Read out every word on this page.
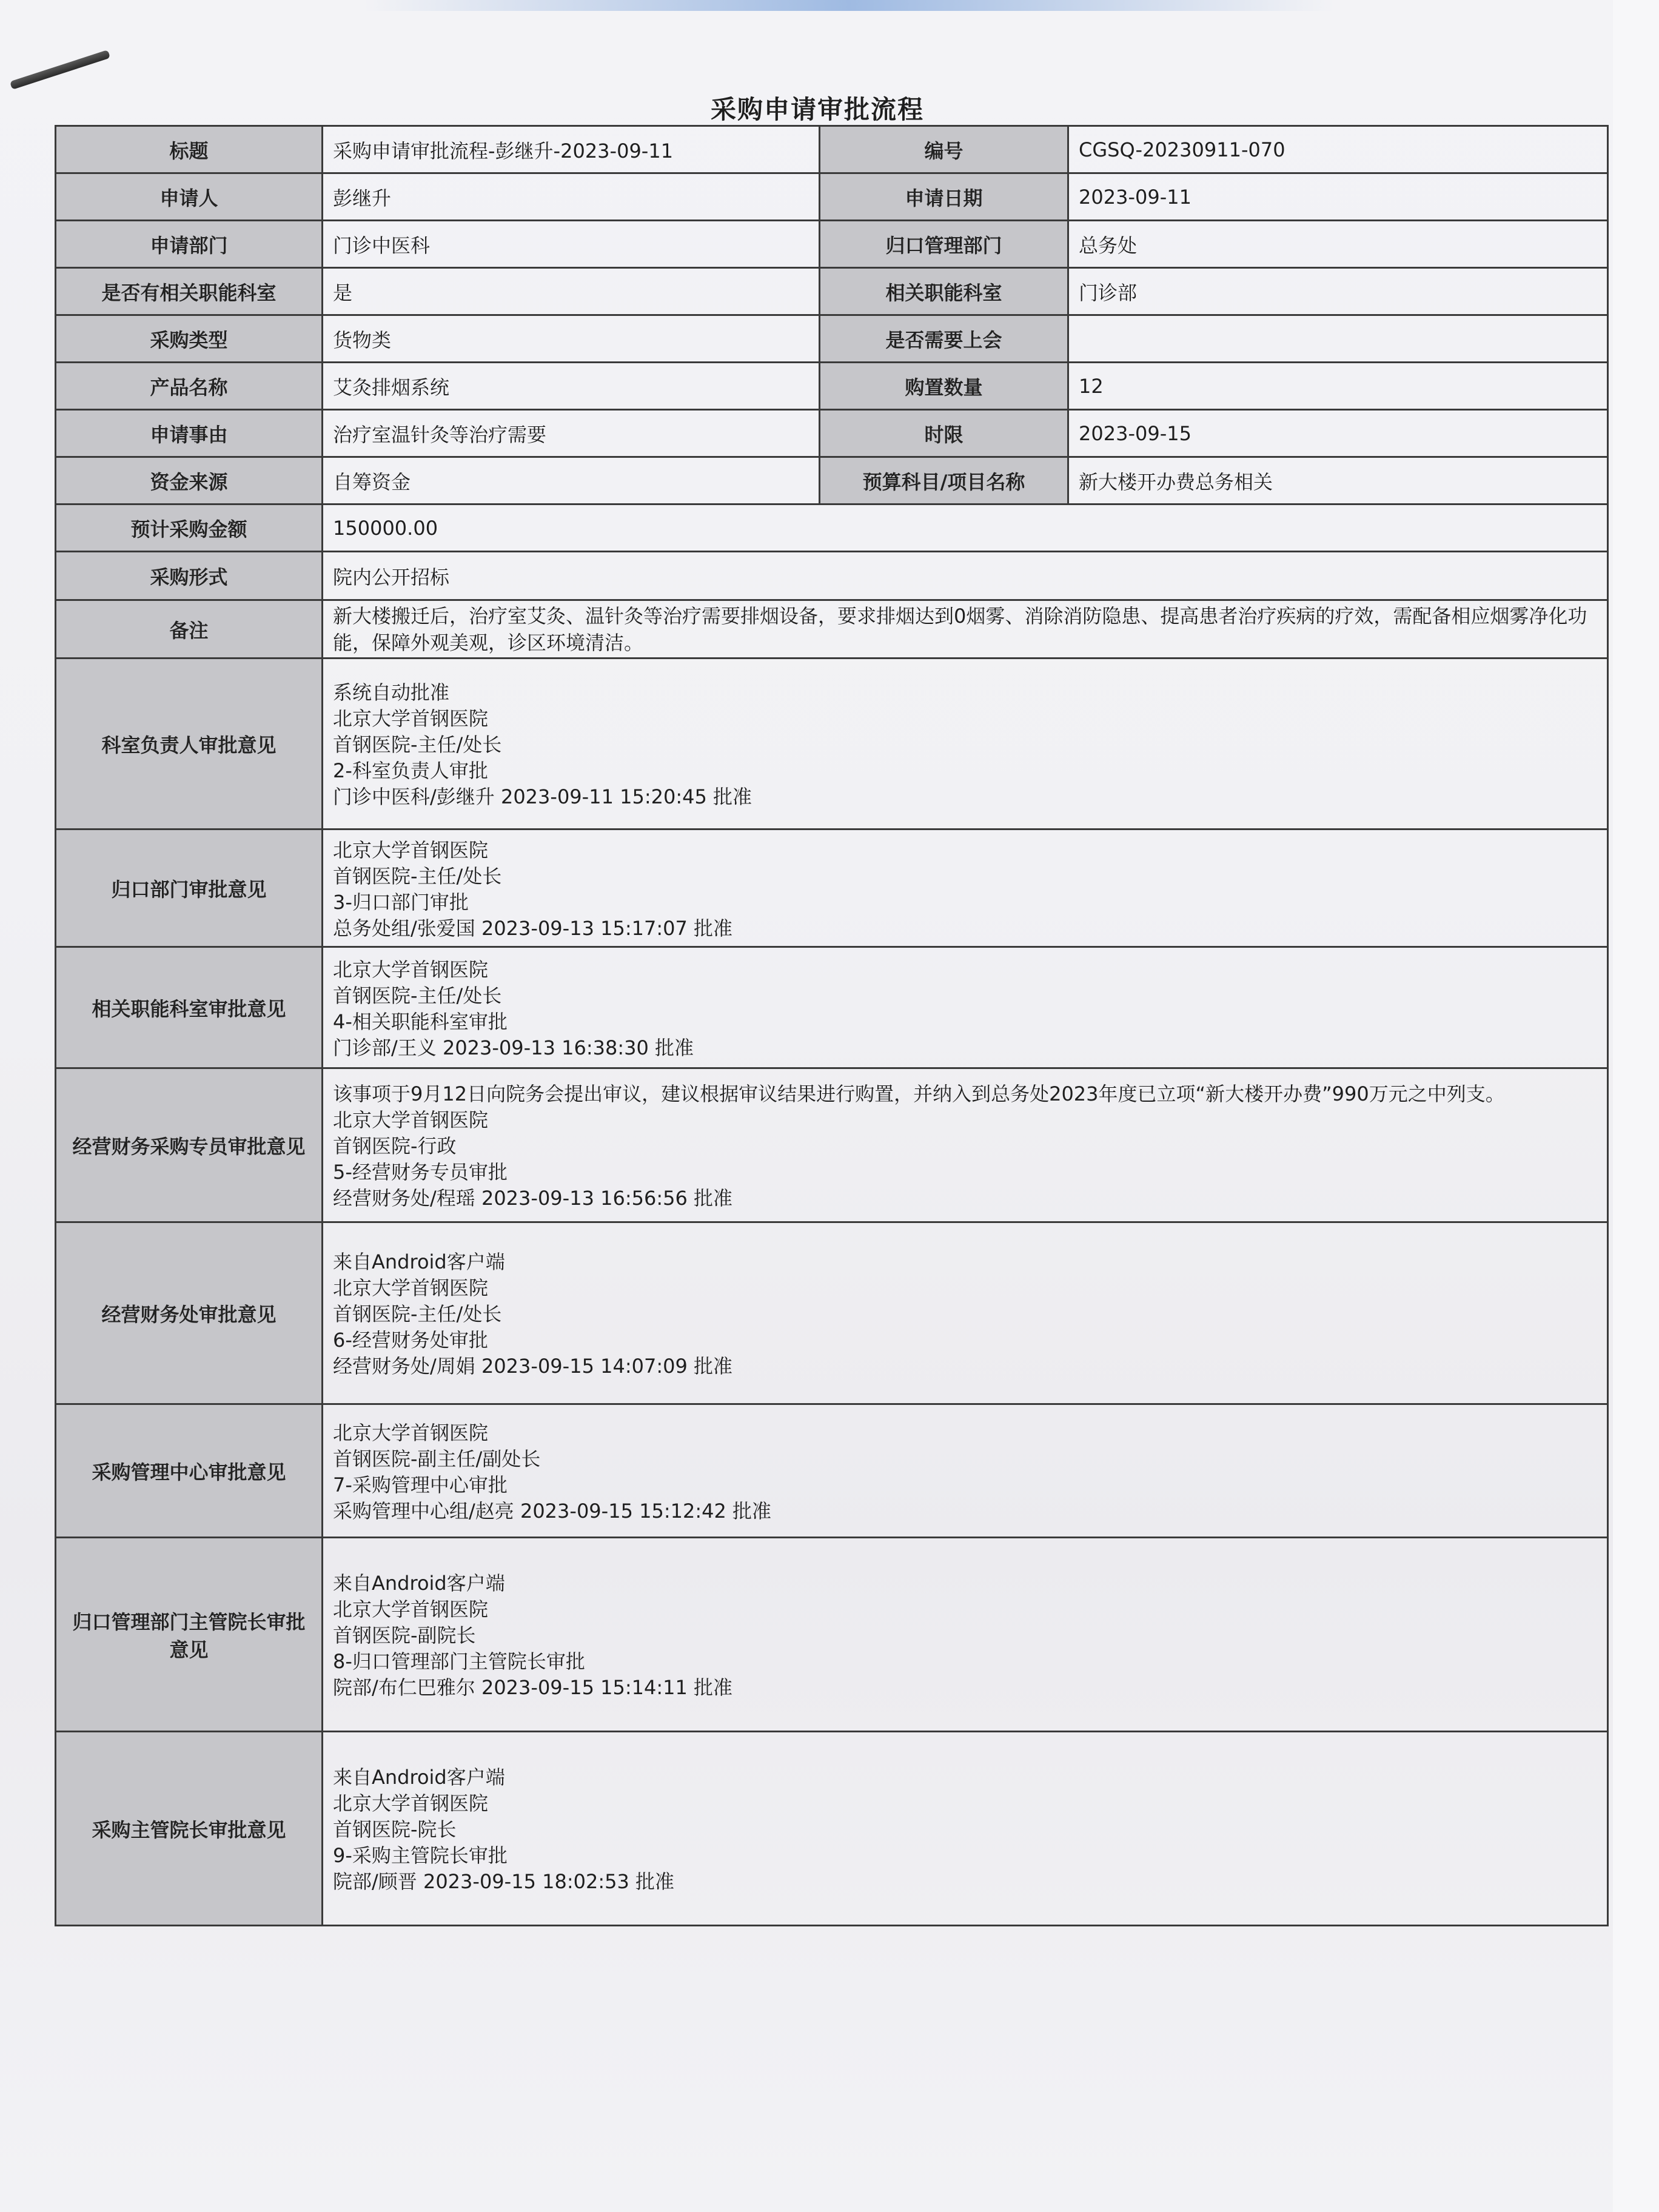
采购申请审批流程
标题	采购申请审批流程-彭继升-2023-09-11	编号	CGSQ-20230911-070
申请人	彭继升	申请日期	2023-09-11
申请部门	门诊中医科	归口管理部门	总务处
是否有相关职能科室	是	相关职能科室	门诊部
采购类型	货物类	是否需要上会	
产品名称	艾灸排烟系统	购置数量	12
申请事由	治疗室温针灸等治疗需要	时限	2023-09-15
资金来源	自筹资金	预算科目/项目名称	新大楼开办费总务相关
预计采购金额	150000.00		
采购形式	院内公开招标		
备注	新大楼搬迁后，治疗室艾灸、温针灸等治疗需要排烟设备，要求排烟达到0烟雾、消除消防隐患、提高患者治疗疾病的疗效，需配备相应烟雾净化功能，保障外观美观，诊区环境清洁。		
科室负责人审批意见	系统自动批准
北京大学首钢医院
首钢医院-主任/处长
2-科室负责人审批
门诊中医科/彭继升 2023-09-11 15:20:45 批准		

归口部门审批意见	北京大学首钢医院
首钢医院-主任/处长
3-归口部门审批
总务处组/张爱国 2023-09-13 15:17:07 批准		

相关职能科室审批意见	北京大学首钢医院
首钢医院-主任/处长
4-相关职能科室审批
门诊部/王义 2023-09-13 16:38:30 批准		

经营财务采购专员审批意见	该事项于9月12日向院务会提出审议，建议根据审议结果进行购置，并纳入到总务处2023年度已立项“新大楼开办费”990万元之中列支。
北京大学首钢医院
首钢医院-行政
5-经营财务专员审批
经营财务处/程瑶 2023-09-13 16:56:56 批准		

经营财务处审批意见	来自Android客户端
北京大学首钢医院
首钢医院-主任/处长
6-经营财务处审批
经营财务处/周娟 2023-09-15 14:07:09 批准		

采购管理中心审批意见	北京大学首钢医院
首钢医院-副主任/副处长
7-采购管理中心审批
采购管理中心组/赵亮 2023-09-15 15:12:42 批准		

归口管理部门主管院长审批意见	来自Android客户端
北京大学首钢医院
首钢医院-副院长
8-归口管理部门主管院长审批
院部/布仁巴雅尔 2023-09-15 15:14:11 批准		

采购主管院长审批意见	来自Android客户端
北京大学首钢医院
首钢医院-院长
9-采购主管院长审批
院部/顾晋 2023-09-15 18:02:53 批准		
